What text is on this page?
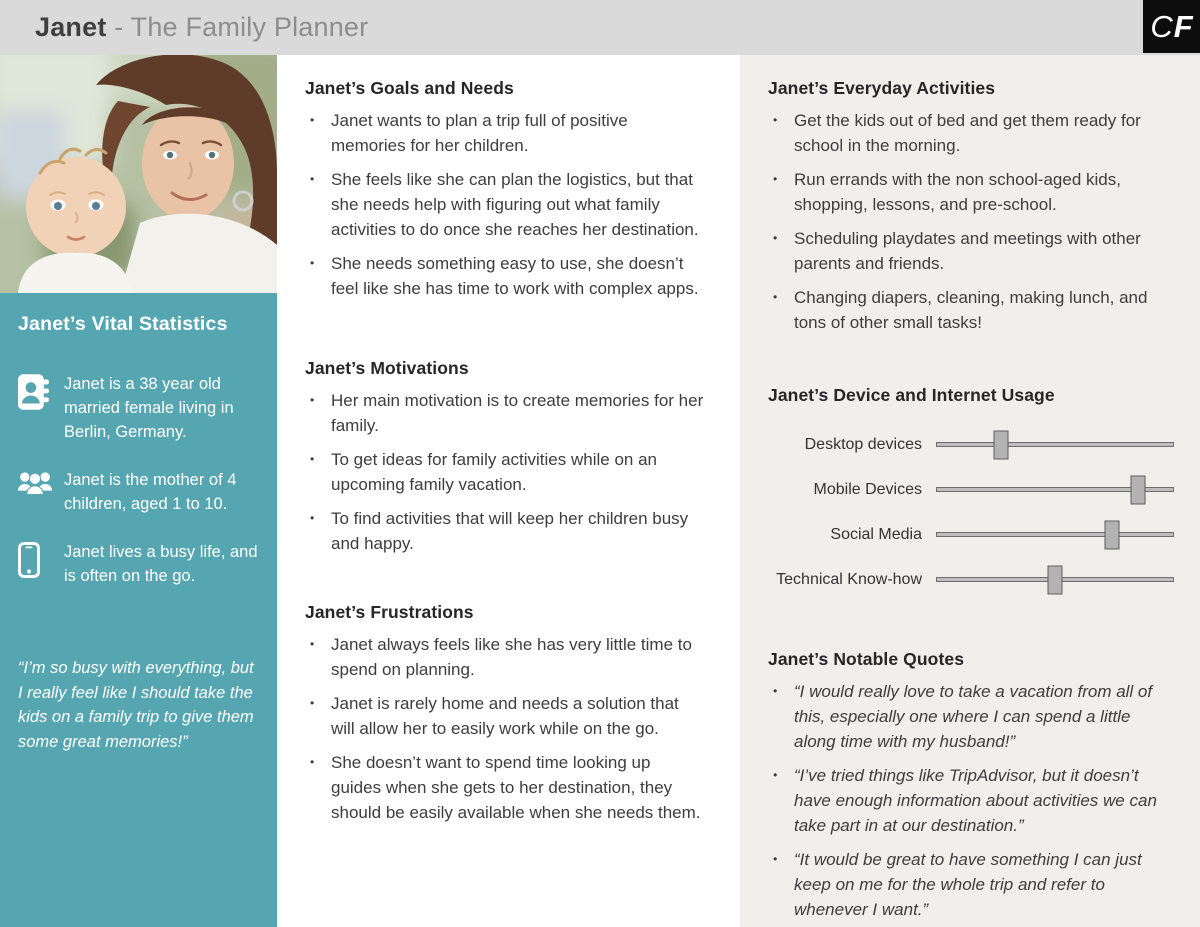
Janet - The Family Planner	C F
Janet’s Vital Statistics
Janet is a 38 year old married female living in Berlin, Germany.
Janet is the mother of 4 children, aged 1 to 10.
Janet lives a busy life, and is often on the go.
“I’m so busy with everything, but I really feel like I should take the kids on a family trip to give them some great memories!”
Janet’s Goals and Needs
• Janet wants to plan a trip full of positive memories for her children.
• She feels like she can plan the logistics, but that she needs help with figuring out what family activities to do once she reaches her destination.
• She needs something easy to use, she doesn’t feel like she has time to work with complex apps.
Janet’s Motivations
• Her main motivation is to create memories for her family.
• To get ideas for family activities while on an upcoming family vacation.
• To find activities that will keep her children busy and happy.
Janet’s Frustrations
• Janet always feels like she has very little time to spend on planning.
• Janet is rarely home and needs a solution that will allow her to easily work while on the go.
• She doesn’t want to spend time looking up guides when she gets to her destination, they should be easily available when she needs them.
Janet’s Everyday Activities
• Get the kids out of bed and get them ready for school in the morning.
• Run errands with the non school-aged kids, shopping, lessons, and pre-school.
• Scheduling playdates and meetings with other parents and friends.
• Changing diapers, cleaning, making lunch, and tons of other small tasks!
Janet’s Device and Internet Usage
Desktop devices
Mobile Devices
Social Media
Technical Know-how
Janet’s Notable Quotes
• “I would really love to take a vacation from all of this, especially one where I can spend a little along time with my husband!”
• “I’ve tried things like TripAdvisor, but it doesn’t have enough information about activities we can take part in at our destination.”
• “It would be great to have something I can just keep on me for the whole trip and refer to whenever I want.”
